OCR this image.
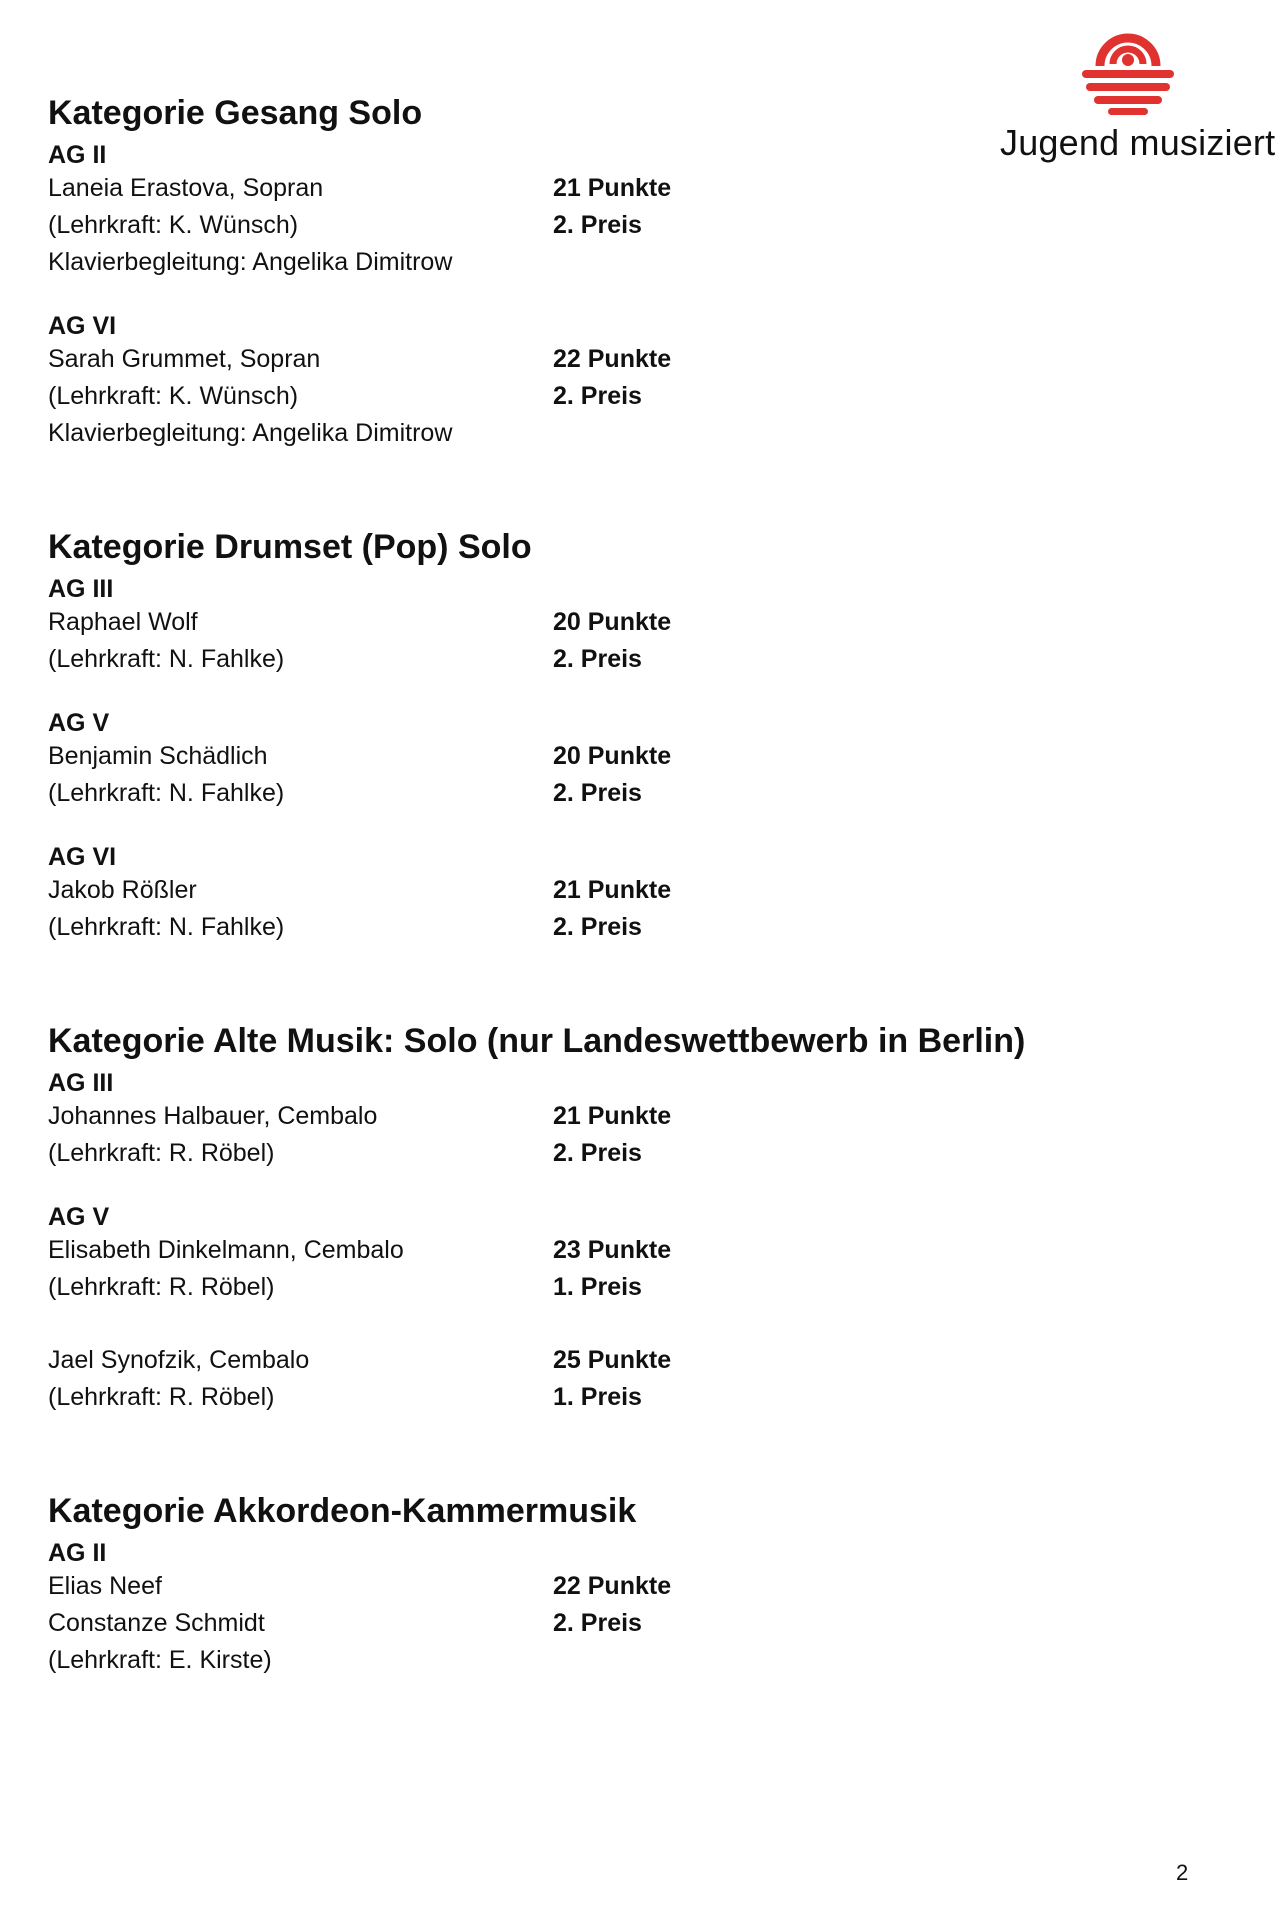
Jugend musiziert
Kategorie Gesang Solo
AG II
Laneia Erastova, Sopran
(Lehrkraft: K. Wünsch)
Klavierbegleitung: Angelika Dimitrow
21 Punkte
2. Preis
AG VI
Sarah Grummet, Sopran
(Lehrkraft: K. Wünsch)
Klavierbegleitung: Angelika Dimitrow
22 Punkte
2. Preis
Kategorie Drumset (Pop) Solo
AG III
Raphael Wolf
(Lehrkraft: N. Fahlke)
20 Punkte
2. Preis
AG V
Benjamin Schädlich
(Lehrkraft: N. Fahlke)
20 Punkte
2. Preis
AG VI
Jakob Rößler
(Lehrkraft: N. Fahlke)
21 Punkte
2. Preis
Kategorie Alte Musik: Solo (nur Landeswettbewerb in Berlin)
AG III
Johannes Halbauer, Cembalo
(Lehrkraft: R. Röbel)
21 Punkte
2. Preis
AG V
Elisabeth Dinkelmann, Cembalo
(Lehrkraft: R. Röbel)
23 Punkte
1. Preis
Jael Synofzik, Cembalo
(Lehrkraft: R. Röbel)
25 Punkte
1. Preis
Kategorie Akkordeon-Kammermusik
AG II
Elias Neef
Constanze Schmidt
(Lehrkraft: E. Kirste)
22 Punkte
2. Preis
2
